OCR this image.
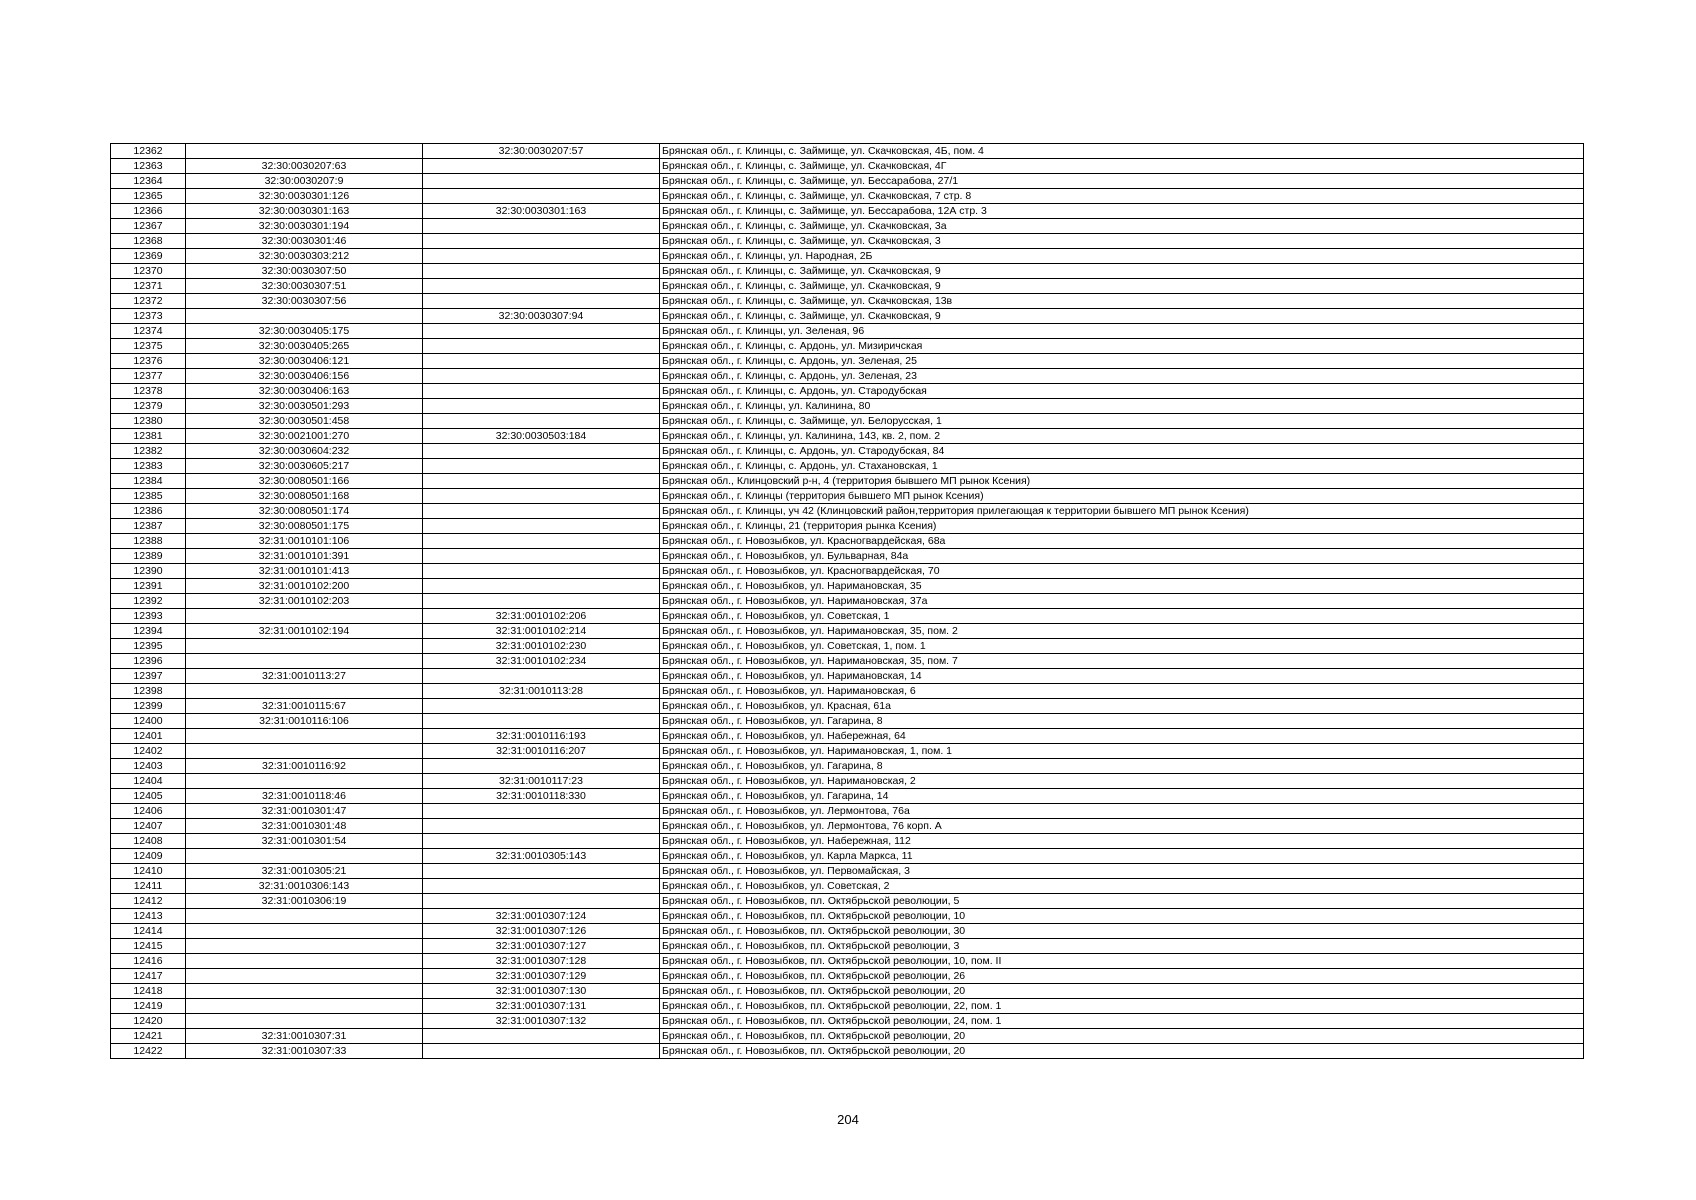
12362		32:30:0030207:57	Брянская обл., г. Клинцы, с. Займище, ул. Скачковская, 4Б, пом. 4
12363	32:30:0030207:63		Брянская обл., г. Клинцы, с. Займище, ул. Скачковская, 4Г
12364	32:30:0030207:9		Брянская обл., г. Клинцы, с. Займище, ул. Бессарабова, 27/1
12365	32:30:0030301:126		Брянская обл., г. Клинцы, с. Займище, ул. Скачковская, 7 стр. 8
12366	32:30:0030301:163	32:30:0030301:163	Брянская обл., г. Клинцы, с. Займище, ул. Бессарабова, 12А стр. 3
12367	32:30:0030301:194		Брянская обл., г. Клинцы, с. Займище, ул. Скачковская, 3а
12368	32:30:0030301:46		Брянская обл., г. Клинцы, с. Займище, ул. Скачковская, 3
12369	32:30:0030303:212		Брянская обл., г. Клинцы, ул. Народная, 2Б
12370	32:30:0030307:50		Брянская обл., г. Клинцы, с. Займище, ул. Скачковская, 9
12371	32:30:0030307:51		Брянская обл., г. Клинцы, с. Займище, ул. Скачковская, 9
12372	32:30:0030307:56		Брянская обл., г. Клинцы, с. Займище, ул. Скачковская, 13в
12373		32:30:0030307:94	Брянская обл., г. Клинцы, с. Займище, ул. Скачковская, 9
12374	32:30:0030405:175		Брянская обл., г. Клинцы, ул. Зеленая, 96
12375	32:30:0030405:265		Брянская обл., г. Клинцы, с. Ардонь, ул. Мизиричская
12376	32:30:0030406:121		Брянская обл., г. Клинцы, с. Ардонь, ул. Зеленая, 25
12377	32:30:0030406:156		Брянская обл., г. Клинцы, с. Ардонь, ул. Зеленая, 23
12378	32:30:0030406:163		Брянская обл., г. Клинцы, с. Ардонь, ул. Стародубская
12379	32:30:0030501:293		Брянская обл., г. Клинцы, ул. Калинина, 80
12380	32:30:0030501:458		Брянская обл., г. Клинцы, с. Займище, ул. Белорусская, 1
12381	32:30:0021001:270	32:30:0030503:184	Брянская обл., г. Клинцы, ул. Калинина, 143, кв. 2, пом. 2
12382	32:30:0030604:232		Брянская обл., г. Клинцы, с. Ардонь, ул. Стародубская, 84
12383	32:30:0030605:217		Брянская обл., г. Клинцы, с. Ардонь, ул. Стахановская, 1
12384	32:30:0080501:166		Брянская обл., Клинцовский р-н, 4 (территория бывшего МП рынок Ксения)
12385	32:30:0080501:168		Брянская обл., г. Клинцы (территория бывшего МП рынок Ксения)
12386	32:30:0080501:174		Брянская обл., г. Клинцы, уч 42 (Клинцовский район,территория прилегающая к территории бывшего МП рынок Ксения)
12387	32:30:0080501:175		Брянская обл., г. Клинцы, 21 (территория рынка Ксения)
12388	32:31:0010101:106		Брянская обл., г. Новозыбков, ул. Красногвардейская, 68а
12389	32:31:0010101:391		Брянская обл., г. Новозыбков, ул. Бульварная, 84а
12390	32:31:0010101:413		Брянская обл., г. Новозыбков, ул. Красногвардейская, 70
12391	32:31:0010102:200		Брянская обл., г. Новозыбков, ул. Наримановская, 35
12392	32:31:0010102:203		Брянская обл., г. Новозыбков, ул. Наримановская, 37а
12393		32:31:0010102:206	Брянская обл., г. Новозыбков, ул. Советская, 1
12394	32:31:0010102:194	32:31:0010102:214	Брянская обл., г. Новозыбков, ул. Наримановская, 35, пом. 2
12395		32:31:0010102:230	Брянская обл., г. Новозыбков, ул. Советская, 1, пом. 1
12396		32:31:0010102:234	Брянская обл., г. Новозыбков, ул. Наримановская, 35, пом. 7
12397	32:31:0010113:27		Брянская обл., г. Новозыбков, ул. Наримановская, 14
12398		32:31:0010113:28	Брянская обл., г. Новозыбков, ул. Наримановская, 6
12399	32:31:0010115:67		Брянская обл., г. Новозыбков, ул. Красная, 61а
12400	32:31:0010116:106		Брянская обл., г. Новозыбков, ул. Гагарина, 8
12401		32:31:0010116:193	Брянская обл., г. Новозыбков, ул. Набережная, 64
12402		32:31:0010116:207	Брянская обл., г. Новозыбков, ул. Наримановская, 1, пом. 1
12403	32:31:0010116:92		Брянская обл., г. Новозыбков, ул. Гагарина, 8
12404		32:31:0010117:23	Брянская обл., г. Новозыбков, ул. Наримановская, 2
12405	32:31:0010118:46	32:31:0010118:330	Брянская обл., г. Новозыбков, ул. Гагарина, 14
12406	32:31:0010301:47		Брянская обл., г. Новозыбков, ул. Лермонтова, 76а
12407	32:31:0010301:48		Брянская обл., г. Новозыбков, ул. Лермонтова, 76 корп. А
12408	32:31:0010301:54		Брянская обл., г. Новозыбков, ул. Набережная, 112
12409		32:31:0010305:143	Брянская обл., г. Новозыбков, ул. Карла Маркса, 11
12410	32:31:0010305:21		Брянская обл., г. Новозыбков, ул. Первомайская, 3
12411	32:31:0010306:143		Брянская обл., г. Новозыбков, ул. Советская, 2
12412	32:31:0010306:19		Брянская обл., г. Новозыбков, пл. Октябрьской революции, 5
12413		32:31:0010307:124	Брянская обл., г. Новозыбков, пл. Октябрьской революции, 10
12414		32:31:0010307:126	Брянская обл., г. Новозыбков, пл. Октябрьской революции, 30
12415		32:31:0010307:127	Брянская обл., г. Новозыбков, пл. Октябрьской революции, 3
12416		32:31:0010307:128	Брянская обл., г. Новозыбков, пл. Октябрьской революции, 10, пом. II
12417		32:31:0010307:129	Брянская обл., г. Новозыбков, пл. Октябрьской революции, 26
12418		32:31:0010307:130	Брянская обл., г. Новозыбков, пл. Октябрьской революции, 20
12419		32:31:0010307:131	Брянская обл., г. Новозыбков, пл. Октябрьской революции, 22, пом. 1
12420		32:31:0010307:132	Брянская обл., г. Новозыбков, пл. Октябрьской революции, 24, пом. 1
12421	32:31:0010307:31		Брянская обл., г. Новозыбков, пл. Октябрьской революции, 20
12422	32:31:0010307:33		Брянская обл., г. Новозыбков, пл. Октябрьской революции, 20
204
